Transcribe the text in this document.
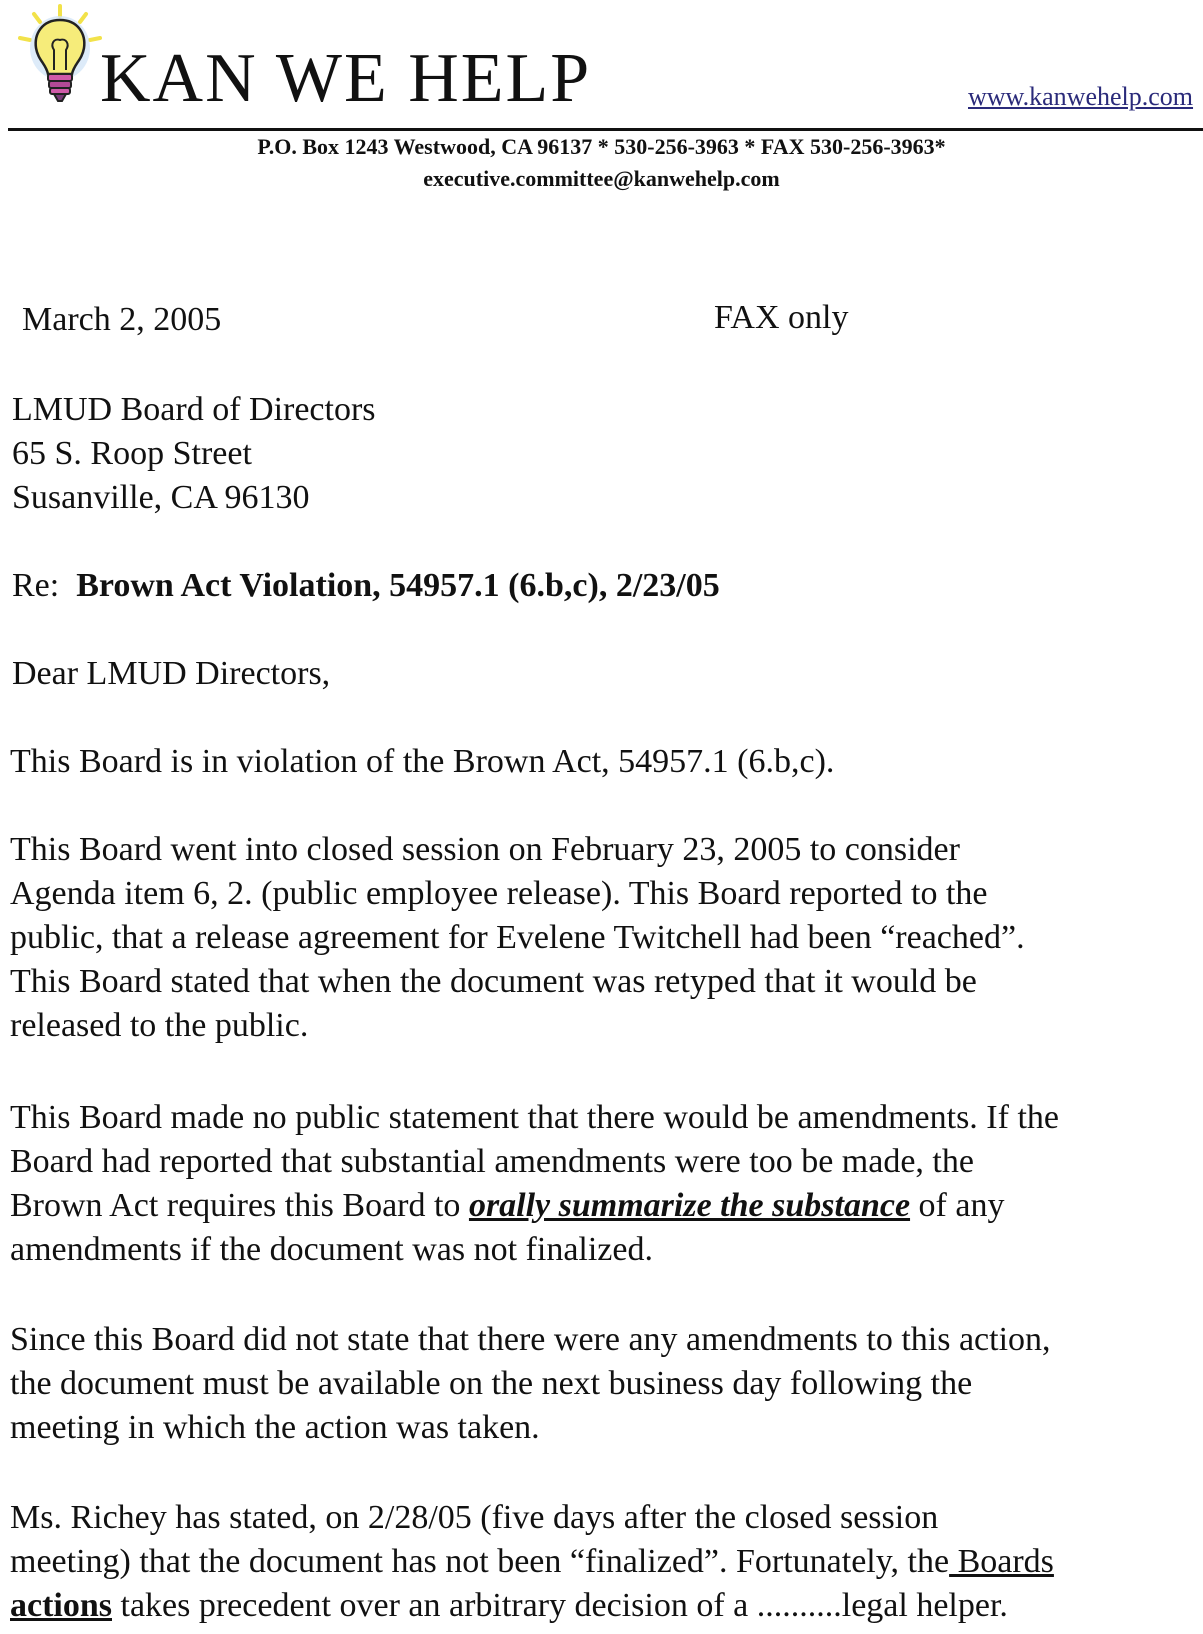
KAN WE HELP	www.kanwehelp.com
P.O. Box 1243 Westwood, CA 96137 * 530-256-3963 * FAX 530-256-3963*
executive.committee@kanwehelp.com
March 2, 2005	FAX only
LMUD Board of Directors
65 S. Roop Street
Susanville, CA 96130
Re: Brown Act Violation, 54957.1 (6.b,c), 2/23/05
Dear LMUD Directors,
This Board is in violation of the Brown Act, 54957.1 (6.b,c).
This Board went into closed session on February 23, 2005 to consider
Agenda item 6, 2. (public employee release). This Board reported to the
public, that a release agreement for Evelene Twitchell had been “reached”.
This Board stated that when the document was retyped that it would be
released to the public.
This Board made no public statement that there would be amendments. If the
Board had reported that substantial amendments were too be made, the
Brown Act requires this Board to orally summarize the substance of any
amendments if the document was not finalized.
Since this Board did not state that there were any amendments to this action,
the document must be available on the next business day following the
meeting in which the action was taken.
Ms. Richey has stated, on 2/28/05 (five days after the closed session
meeting) that the document has not been “finalized”. Fortunately, the Boards
actions takes precedent over an arbitrary decision of a ..........legal helper.
